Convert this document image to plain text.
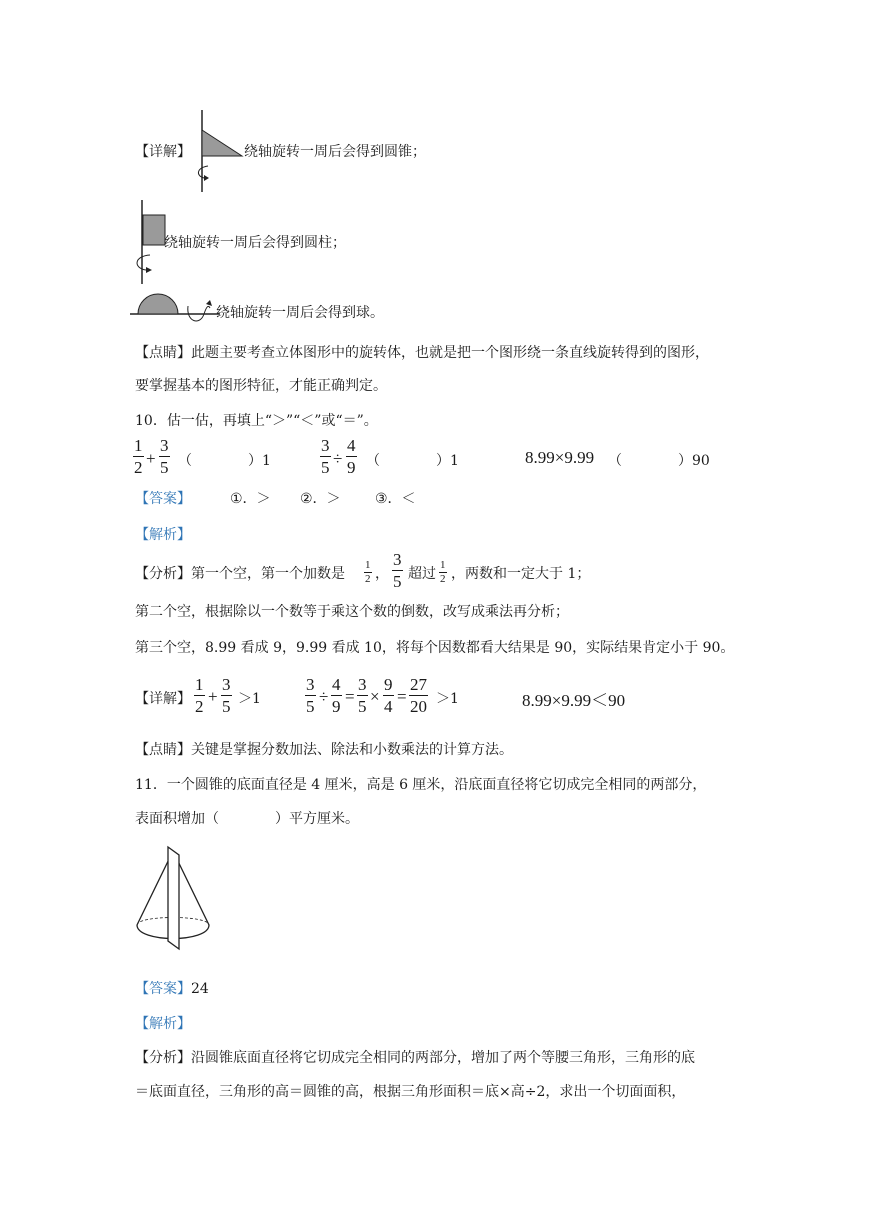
【详解】	绕轴旋转一周后会得到圆锥；
绕轴旋转一周后会得到圆柱；
绕轴旋转一周后会得到球。
【点睛】此题主要考查立体图形中的旋转体，也就是把一个图形绕一条直线旋转得到的图形，
要掌握基本的图形特征，才能正确判定。
10．估一估，再填上“＞”“＜”或“＝”。
$\frac{1}{2} + \frac{3}{5}$ （　　　　）1	$\frac{3}{5} \div \frac{4}{9}$ （　　　　）1	8.99×9.99 （　　　　）90
【答案】	①．＞ ②．＞ ③．＜
【解析】
【分析】第一个空，第一个加数是 $\frac{1}{2}$ ， $\frac{3}{5}$ 超过 $\frac{1}{2}$ ，两数和一定大于 1；
第二个空，根据除以一个数等于乘这个数的倒数，改写成乘法再分析；
第三个空，8.99 看成 9，9.99 看成 10，将每个因数都看大结果是 90，实际结果肯定小于 90。
【详解】 $\frac{1}{2} + \frac{3}{5} >1$	$\frac{3}{5} \div \frac{4}{9} = \frac{3}{5} \times \frac{9}{4} = \frac{27}{20} >1$	8.99×9.99＜90
【点睛】关键是掌握分数加法、除法和小数乘法的计算方法。
11．一个圆锥的底面直径是 4 厘米，高是 6 厘米，沿底面直径将它切成完全相同的两部分，
表面积增加（　　　　）平方厘米。
【答案】24
【解析】
【分析】沿圆锥底面直径将它切成完全相同的两部分，增加了两个等腰三角形，三角形的底
＝底面直径，三角形的高＝圆锥的高，根据三角形面积＝底×高÷2，求出一个切面面积，
